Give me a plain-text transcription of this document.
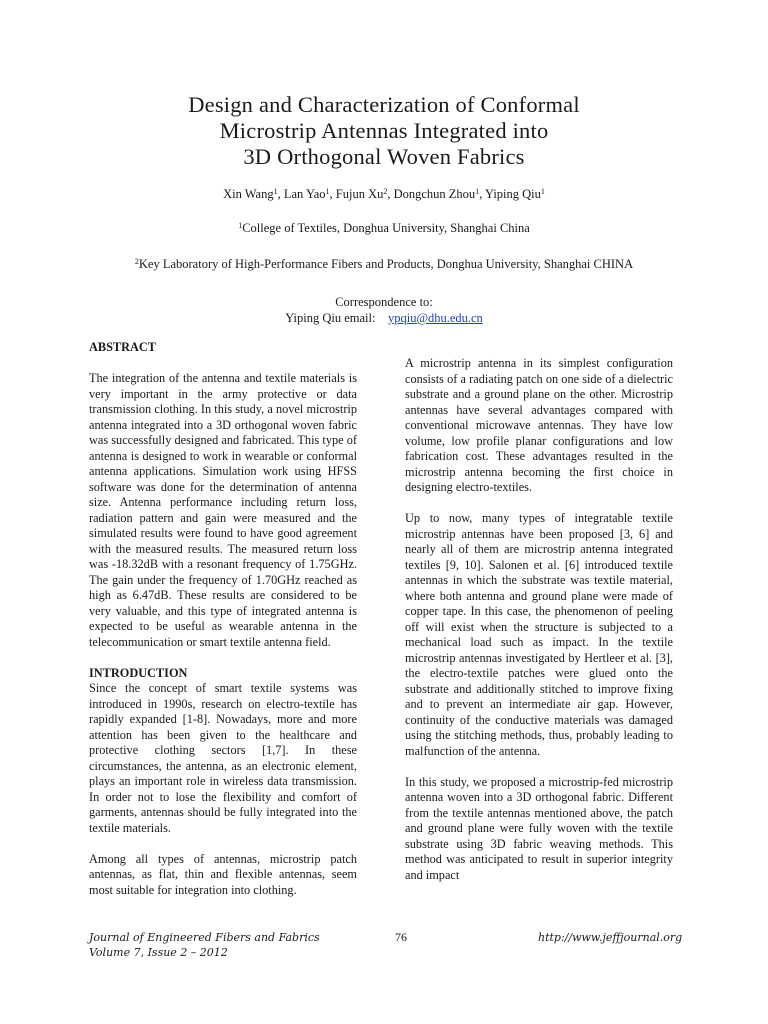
Design and Characterization of Conformal
Microstrip Antennas Integrated into
3D Orthogonal Woven Fabrics
Xin Wang$^1$, Lan Yao$^1$, Fujun Xu$^2$, Dongchun Zhou$^1$, Yiping Qiu$^1$
$^1$College of Textiles, Donghua University, Shanghai China
$^2$Key Laboratory of High-Performance Fibers and Products, Donghua University, Shanghai CHINA
Correspondence to:
Yiping Qiu email: ypqiu@dhu.edu.cn

ABSTRACT

The integration of the antenna and textile materials is very important in the army protective or data transmission clothing. In this study, a novel microstrip antenna integrated into a 3D orthogonal woven fabric was successfully designed and fabricated. This type of antenna is designed to work in wearable or conformal antenna applications. Simulation work using HFSS software was done for the determination of antenna size. Antenna performance including return loss, radiation pattern and gain were measured and the simulated results were found to have good agreement with the measured results. The measured return loss was -18.32dB with a resonant frequency of 1.75GHz. The gain under the frequency of 1.70GHz reached as high as 6.47dB. These results are considered to be very valuable, and this type of integrated antenna is expected to be useful as wearable antenna in the telecommunication or smart textile antenna field.

INTRODUCTION

Since the concept of smart textile systems was introduced in 1990s, research on electro-textile has rapidly expanded [1-8]. Nowadays, more and more attention has been given to the healthcare and protective clothing sectors [1,7]. In these circumstances, the antenna, as an electronic element, plays an important role in wireless data transmission. In order not to lose the flexibility and comfort of garments, antennas should be fully integrated into the textile materials.

Among all types of antennas, microstrip patch antennas, as flat, thin and flexible antennas, seem most suitable for integration into clothing.

A microstrip antenna in its simplest configuration consists of a radiating patch on one side of a dielectric substrate and a ground plane on the other. Microstrip antennas have several advantages compared with conventional microwave antennas. They have low volume, low profile planar configurations and low fabrication cost. These advantages resulted in the microstrip antenna becoming the first choice in designing electro-textiles.

Up to now, many types of integratable textile microstrip antennas have been proposed [3, 6] and nearly all of them are microstrip antenna integrated textiles [9, 10]. Salonen et al. [6] introduced textile antennas in which the substrate was textile material, where both antenna and ground plane were made of copper tape. In this case, the phenomenon of peeling off will exist when the structure is subjected to a mechanical load such as impact. In the textile microstrip antennas investigated by Hertleer et al. [3], the electro-textile patches were glued onto the substrate and additionally stitched to improve fixing and to prevent an intermediate air gap. However, continuity of the conductive materials was damaged using the stitching methods, thus, probably leading to malfunction of the antenna.

In this study, we proposed a microstrip-fed microstrip antenna woven into a 3D orthogonal fabric. Different from the textile antennas mentioned above, the patch and ground plane were fully woven with the textile substrate using 3D fabric weaving methods. This method was anticipated to result in superior integrity and impact

Journal of Engineered Fibers and Fabrics
Volume 7, Issue 2 – 2012
76	http://www.jeffjournal.org
